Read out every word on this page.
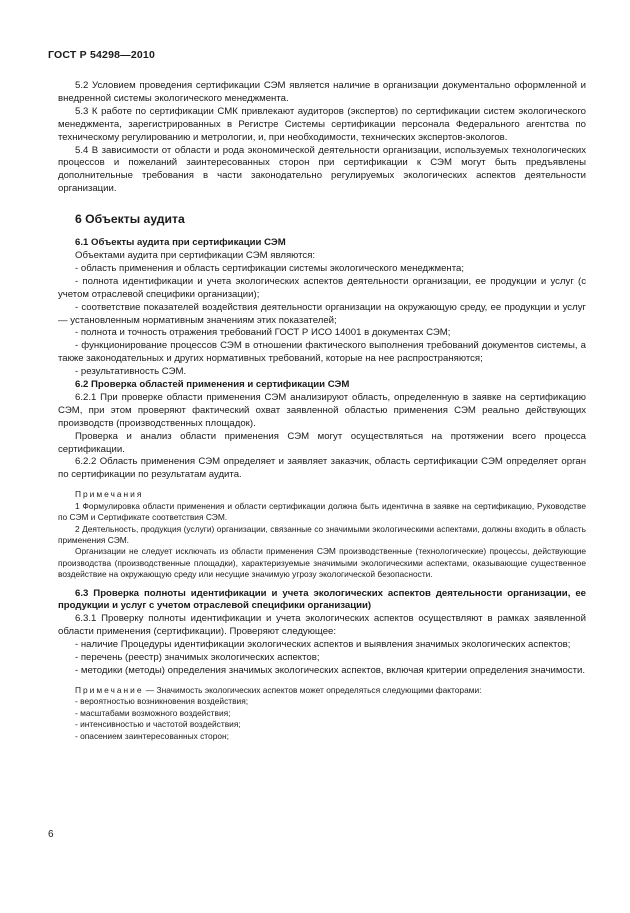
ГОСТ Р 54298—2010

5.2 Условием проведения сертификации СЭМ является наличие в организации документально оформленной и внедренной системы экологического менеджмента.

5.3 К работе по сертификации СМК привлекают аудиторов (экспертов) по сертификации систем экологического менеджмента, зарегистрированных в Регистре Системы сертификации персонала Федерального агентства по техническому регулированию и метрологии, и, при необходимости, технических экспертов-экологов.

5.4 В зависимости от области и рода экономической деятельности организации, используемых технологических процессов и пожеланий заинтересованных сторон при сертификации к СЭМ могут быть предъявлены дополнительные требования в части законодательно регулируемых экологических аспектов деятельности организации.

6 Объекты аудита

6.1 Объекты аудита при сертификации СЭМ

Объектами аудита при сертификации СЭМ являются:

- область применения и область сертификации системы экологического менеджмента;

- полнота идентификации и учета экологических аспектов деятельности организации, ее продукции и услуг (с учетом отраслевой специфики организации);

- соответствие показателей воздействия деятельности организации на окружающую среду, ее продукции и услуг — установленным нормативным значениям этих показателей;

- полнота и точность отражения требований ГОСТ Р ИСО 14001 в документах СЭМ;

- функционирование процессов СЭМ в отношении фактического выполнения требований документов системы, а также законодательных и других нормативных требований, которые на нее распространяются;

- результативность СЭМ.

6.2 Проверка областей применения и сертификации СЭМ

6.2.1 При проверке области применения СЭМ анализируют область, определенную в заявке на сертификацию СЭМ, при этом проверяют фактический охват заявленной областью применения СЭМ реально действующих производств (производственных площадок).

Проверка и анализ области применения СЭМ могут осуществляться на протяжении всего процесса сертификации.

6.2.2 Область применения СЭМ определяет и заявляет заказчик, область сертификации СЭМ определяет орган по сертификации по результатам аудита.

Примечания

1 Формулировка области применения и области сертификации должна быть идентична в заявке на сертификацию, Руководстве по СЭМ и Сертификате соответствия СЭМ.

2 Деятельность, продукция (услуги) организации, связанные со значимыми экологическими аспектами, должны входить в область применения СЭМ.

Организации не следует исключать из области применения СЭМ производственные (технологические) процессы, действующие производства (производственные площадки), характеризуемые значимыми экологическими аспектами, оказывающие существенное воздействие на окружающую среду или несущие значимую угрозу экологической безопасности.

6.3 Проверка полноты идентификации и учета экологических аспектов деятельности организации, ее продукции и услуг с учетом отраслевой специфики организации)

6.3.1 Проверку полноты идентификации и учета экологических аспектов осуществляют в рамках заявленной области применения (сертификации). Проверяют следующее:

- наличие Процедуры идентификации экологических аспектов и выявления значимых экологических аспектов;

- перечень (реестр) значимых экологических аспектов;

- методики (методы) определения значимых экологических аспектов, включая критерии определения значимости.

Примечание — Значимость экологических аспектов может определяться следующими факторами:

- вероятностью возникновения воздействия;

- масштабами возможного воздействия;

- интенсивностью и частотой воздействия;

- опасением заинтересованных сторон;

6
